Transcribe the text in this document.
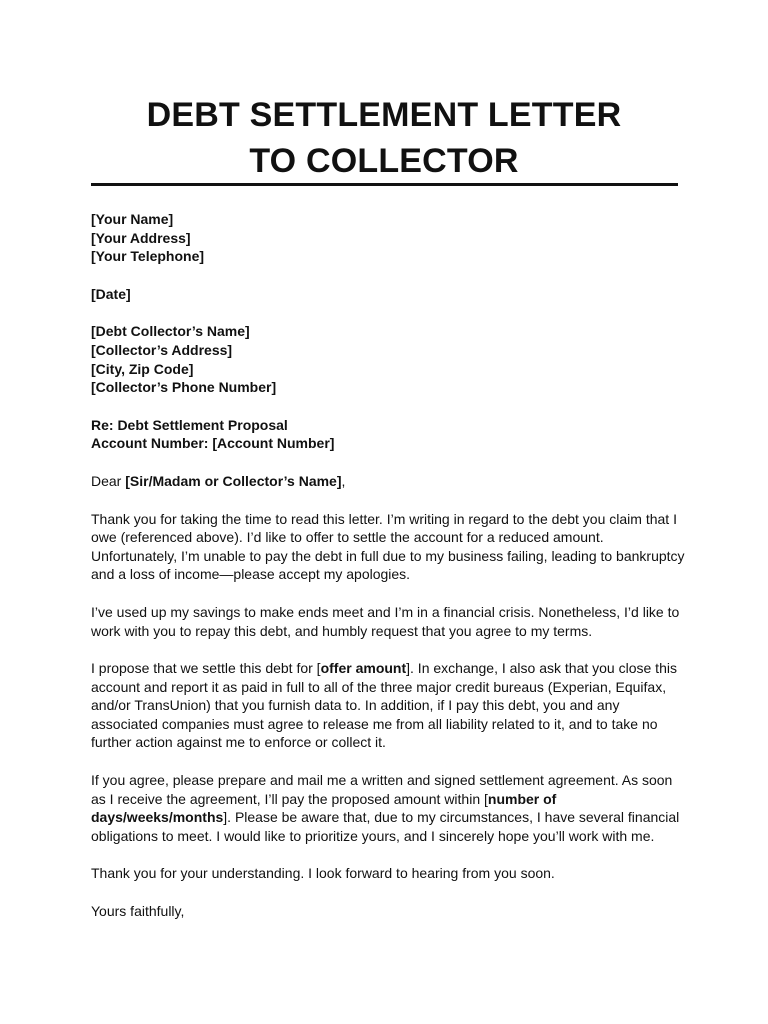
DEBT SETTLEMENT LETTER
TO COLLECTOR
[Your Name]
[Your Address]
[Your Telephone]
[Date]
[Debt Collector’s Name]
[Collector’s Address]
[City, Zip Code]
[Collector’s Phone Number]
Re: Debt Settlement Proposal
Account Number: [Account Number]
Dear [Sir/Madam or Collector’s Name],
Thank you for taking the time to read this letter. I’m writing in regard to the debt you claim that I
owe (referenced above). I’d like to offer to settle the account for a reduced amount.
Unfortunately, I’m unable to pay the debt in full due to my business failing, leading to bankruptcy
and a loss of income—please accept my apologies.
I’ve used up my savings to make ends meet and I’m in a financial crisis. Nonetheless, I’d like to
work with you to repay this debt, and humbly request that you agree to my terms.
I propose that we settle this debt for [offer amount]. In exchange, I also ask that you close this
account and report it as paid in full to all of the three major credit bureaus (Experian, Equifax,
and/or TransUnion) that you furnish data to. In addition, if I pay this debt, you and any
associated companies must agree to release me from all liability related to it, and to take no
further action against me to enforce or collect it.
If you agree, please prepare and mail me a written and signed settlement agreement. As soon
as I receive the agreement, I’ll pay the proposed amount within [number of
days/weeks/months]. Please be aware that, due to my circumstances, I have several financial
obligations to meet. I would like to prioritize yours, and I sincerely hope you’ll work with me.
Thank you for your understanding. I look forward to hearing from you soon.
Yours faithfully,
